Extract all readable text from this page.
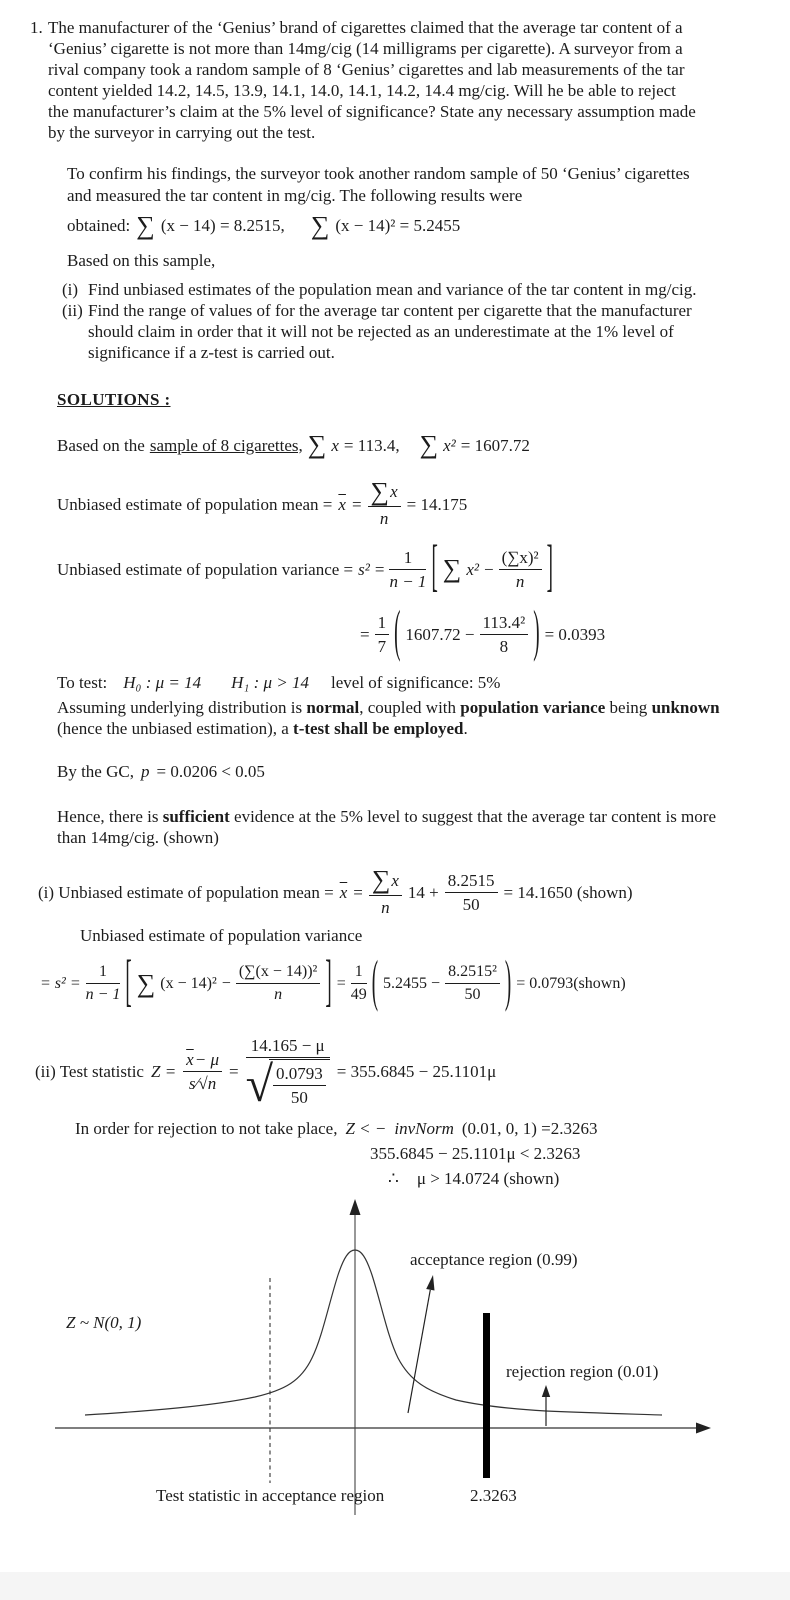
1. The manufacturer of the ‘Genius’ brand of cigarettes claimed that the average tar content of a ‘Genius’ cigarette is not more than 14mg/cig (14 milligrams per cigarette). A surveyor from a rival company took a random sample of 8 ‘Genius’ cigarettes and lab measurements of the tar content yielded 14.2, 14.5, 13.9, 14.1, 14.0, 14.1, 14.2, 14.4 mg/cig. Will he be able to reject the manufacturer’s claim at the 5% level of significance? State any necessary assumption made by the surveyor in carrying out the test.
To confirm his findings, the surveyor took another random sample of 50 ‘Genius’ cigarettes and measured the tar content in mg/cig. The following results were
obtained: ∑ (x − 14) = 8.2515, ∑ (x − 14)² = 5.2455
Based on this sample,
(i) Find unbiased estimates of the population mean and variance of the tar content in mg/cig.
(ii) Find the range of values of for the average tar content per cigarette that the manufacturer should claim in order that it will not be rejected as an underestimate at the 1% level of significance if a z-test is carried out.
SOLUTIONS :
Based on the sample of 8 cigarettes, ∑ x = 113.4, ∑ x² = 1607.72
Unbiased estimate of population mean = $\overline{x} = \frac{\sum x}{n} = 14.175$
Unbiased estimate of population variance = $s^2 = \frac{1}{n - 1}$ [ ∑ $x^2 - \frac{\text{(∑x)²}}{n}$ ]
= $\frac{1}{7}$ ( $1607.72 - \frac{\text{113.4²}}{8}$ ) = 0.0393
To test: H₀ : μ = 14 H₁ : μ > 14 level of significance: 5%
Assuming underlying distribution is normal, coupled with population variance being unknown (hence the unbiased estimation), a t-test shall be employed.
By the GC, p = 0.0206 < 0.05
Hence, there is sufficient evidence at the 5% level to suggest that the average tar content is more than 14mg/cig. (shown)
(i) Unbiased estimate of population mean = $\overline{x} = \frac{\sum x}{n} 14 + \frac{8.2515}{50} = 14.1650$ (shown)
Unbiased estimate of population variance
= $s^2 = \frac{1}{n - 1}$ [ ∑ $(x - 14)^2 - \frac{\text{(∑(x − 14))²}}{n}$ ] = $\frac{1}{49}$ ( $5.2455 - \frac{\text{8.2515²}}{50}$ ) = 0.0793(shown)
(ii) Test statistic $Z = \frac{\overline{x} - \mu}{s∕√n}$ =
14.165 − μ
√ $\frac{0.0793}{50} = 355.6845 - 25.1101\mu$
In order for rejection to not take place, Z < − invNorm (0.01, 0, 1) =2.3263
355.6845 − 25.1101μ < 2.3263
∴ μ > 14.0724 (shown)
Z ~ N(0, 1)
acceptance region (0.99)
rejection region (0.01)
Test statistic in acceptance region	2.3263
